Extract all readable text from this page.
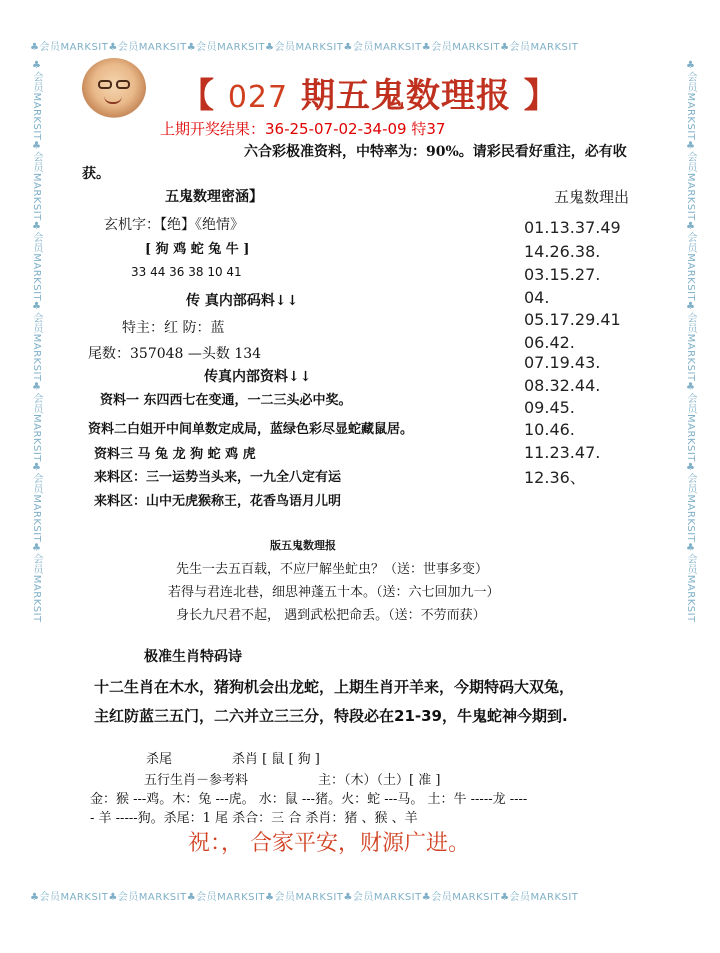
♣会员MARKSIT♣会员MARKSIT♣会员MARKSIT♣会员MARKSIT♣会员MARKSIT♣会员MARKSIT♣会员MARKSIT
♣会员MARKSIT♣会员MARKSIT♣会员MARKSIT♣会员MARKSIT♣会员MARKSIT♣会员MARKSIT♣会员MARKSIT
♣会员MARKSIT♣会员MARKSIT♣会员MARKSIT♣会员MARKSIT♣会员MARKSIT♣会员MARKSIT♣会员MARKSIT	♣会员MARKSIT♣会员MARKSIT♣会员MARKSIT♣会员MARKSIT♣会员MARKSIT♣会员MARKSIT♣会员MARKSIT
【 027 期五鬼数理报 】
上期开奖结果：36-25-07-02-34-09 特37
六合彩极准资料，中特率为：90%。请彩民看好重注，必有收
获。
五鬼数理密涵】
玄机字：【绝】《绝情》
[ 狗 鸡 蛇 兔 牛 ]
33 44 36 38 10 41
传 真内部码料↓↓
特主：红 防：蓝
尾数：357048 —头数 134
传真内部资料↓↓
资料一 东四西七在变通，一二三头必中奖。
资料二白姐开中间单数定成局，蓝绿色彩尽显蛇藏鼠居。
资料三 马 兔 龙 狗 蛇 鸡 虎
来料区：三一运势当头来，一九全八定有运
来料区：山中无虎猴称王，花香鸟语月儿明
五鬼数理出
01.13.37.49
14.26.38.
03.15.27.
04.
05.17.29.41
06.42.
07.19.43.
08.32.44.
09.45.
10.46.
11.23.47.
12.36、
版五鬼数理报
先生一去五百载，不应尸解坐虻虫？（送：世事多变）
若得与君连北巷，细思神蓬五十本。（送：六七回加九一）
身长九尺君不起， 遇到武松把命丢。（送：不劳而获）
极准生肖特码诗
十二生肖在木水，猪狗机会出龙蛇，上期生肖开羊来，今期特码大双兔，
主红防蓝三五门，二六并立三三分，特段必在21-39，牛鬼蛇神今期到.
杀尾	杀肖 [ 鼠 [ 狗 ]
五行生肖－参考料	主：（木）（土）[ 准 ]
金：猴 ---鸡。木：兔 ---虎。 水：鼠 ---猪。火：蛇 ---马。 土：牛 -----龙 ----
- 羊 -----狗。杀尾：1 尾 杀合：三 合 杀肖：猪 、猴 、羊
祝：， 合家平安，财源广进。
